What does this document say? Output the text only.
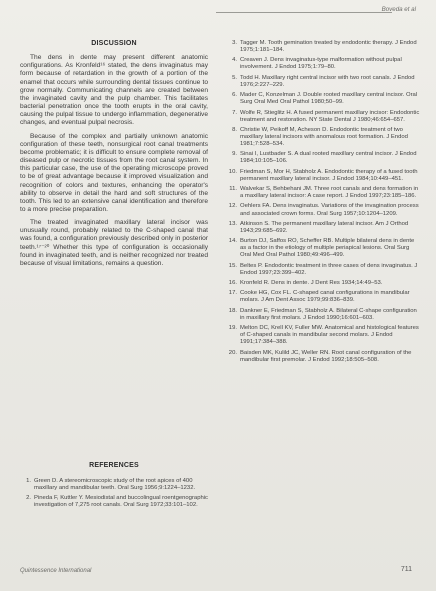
Boveda et al
DISCUSSION

The dens in dente may present different anatomic configurations. As Kronfeld¹⁶ stated, the dens invaginatus may form because of retardation in the growth of a portion of the enamel that occurs while surrounding dental tissues continue to grow normally. Communicating channels are created between the invaginated cavity and the pulp chamber. This facilitates bacterial penetration once the tooth erupts in the oral cavity, causing the pulpal tissue to undergo inflammation, degenerative changes, and eventual pulpal necrosis.

Because of the complex and partially unknown anatomic configuration of these teeth, nonsurgical root canal treatments become problematic; it is difficult to ensure complete removal of diseased pulp or necrotic tissues from the root canal system. In this particular case, the use of the operating microscope proved to be of great advantage because it improved visualization and recognition of colors and textures, enhancing the operator's ability to observe in detail the hard and soft structures of the tooth. This led to an extensive canal identification and therefore to a more precise preparation.

The treated invaginated maxillary lateral incisor was unusually round, probably related to the C-shaped canal that was found, a configuration previously described only in posterior teeth.¹⁷⁻²⁰ Whether this type of configuration is occasionally found in invaginated teeth, and is neither recognized nor treated because of visual limitations, remains a question.

REFERENCES
1. Green D. A stereomicroscopic study of the root apices of 400 maxillary and mandibular teeth. Oral Surg 1956;9:1224–1232.
2. Pineda F, Kuttler Y. Mesiodistal and buccolingual roentgenographic investigation of 7,275 root canals. Oral Surg 1972;33:101–102.
3. Tagger M. Tooth gemination treated by endodontic therapy. J Endod 1975;1:181–184.
4. Creaven J. Dens invaginatus-type malformation without pulpal involvement. J Endod 1975;1:79–80.
5. Todd H. Maxillary right central incisor with two root canals. J Endod 1976;2:227–229.
6. Mader C, Konzelman J. Double rooted maxillary central incisor. Oral Surg Oral Med Oral Pathol 1980;50–99.
7. Wolfe R, Stieglitz H. A fused permanent maxillary incisor: Endodontic treatment and restoration. NY State Dental J 1980;46:654–657.
8. Christie W, Peikoff M, Acheson D. Endodontic treatment of two maxillary lateral incisors with anomalous root formation. J Endod 1981;7:528–534.
9. Sinai I, Lustbader S. A dual rooted maxillary central incisor. J Endod 1984;10:105–106.
10. Friedman S, Mor H, Stabholz A. Endodontic therapy of a fused tooth permanent maxillary lateral incisor. J Endod 1984;10:449–451.
11. Walvekar S, Behbehani JM. Three root canals and dens formation in a maxillary lateral incisor: A case report. J Endod 1997;23:185–186.
12. Oehlers FA. Dens invaginatus. Variations of the invagination process and associated crown forms. Oral Surg 1957;10:1204–1209.
13. Atkinson S. The permanent maxillary lateral incisor. Am J Orthod 1943;29:685–692.
14. Burton DJ, Saffos RO, Scheffer RB. Multiple bilateral dens in dente as a factor in the etiology of multiple periapical lesions. Oral Surg Oral Med Oral Pathol 1980;49:496–499.
15. Beltes P. Endodontic treatment in three cases of dens invaginatus. J Endod 1997;23:399–402.
16. Kronfeld R. Dens in dente. J Dent Res 1934;14:49–53.
17. Cooke HG, Cox FL. C-shaped canal configurations in mandibular molars. J Am Dent Assoc 1979;99:836–839.
18. Dankner E, Friedman S, Stabholz A. Bilateral C-shape configuration in maxillary first molars. J Endod 1990;16:601–603.
19. Melton DC, Krell KV, Fuller MW. Anatomical and histological features of C-shaped canals in mandibular second molars. J Endod 1991;17:384–388.
20. Baisden MK, Kulild JC, Weller RN. Root canal configuration of the mandibular first premolar. J Endod 1992;18:505–508.
Quintessence International	711
